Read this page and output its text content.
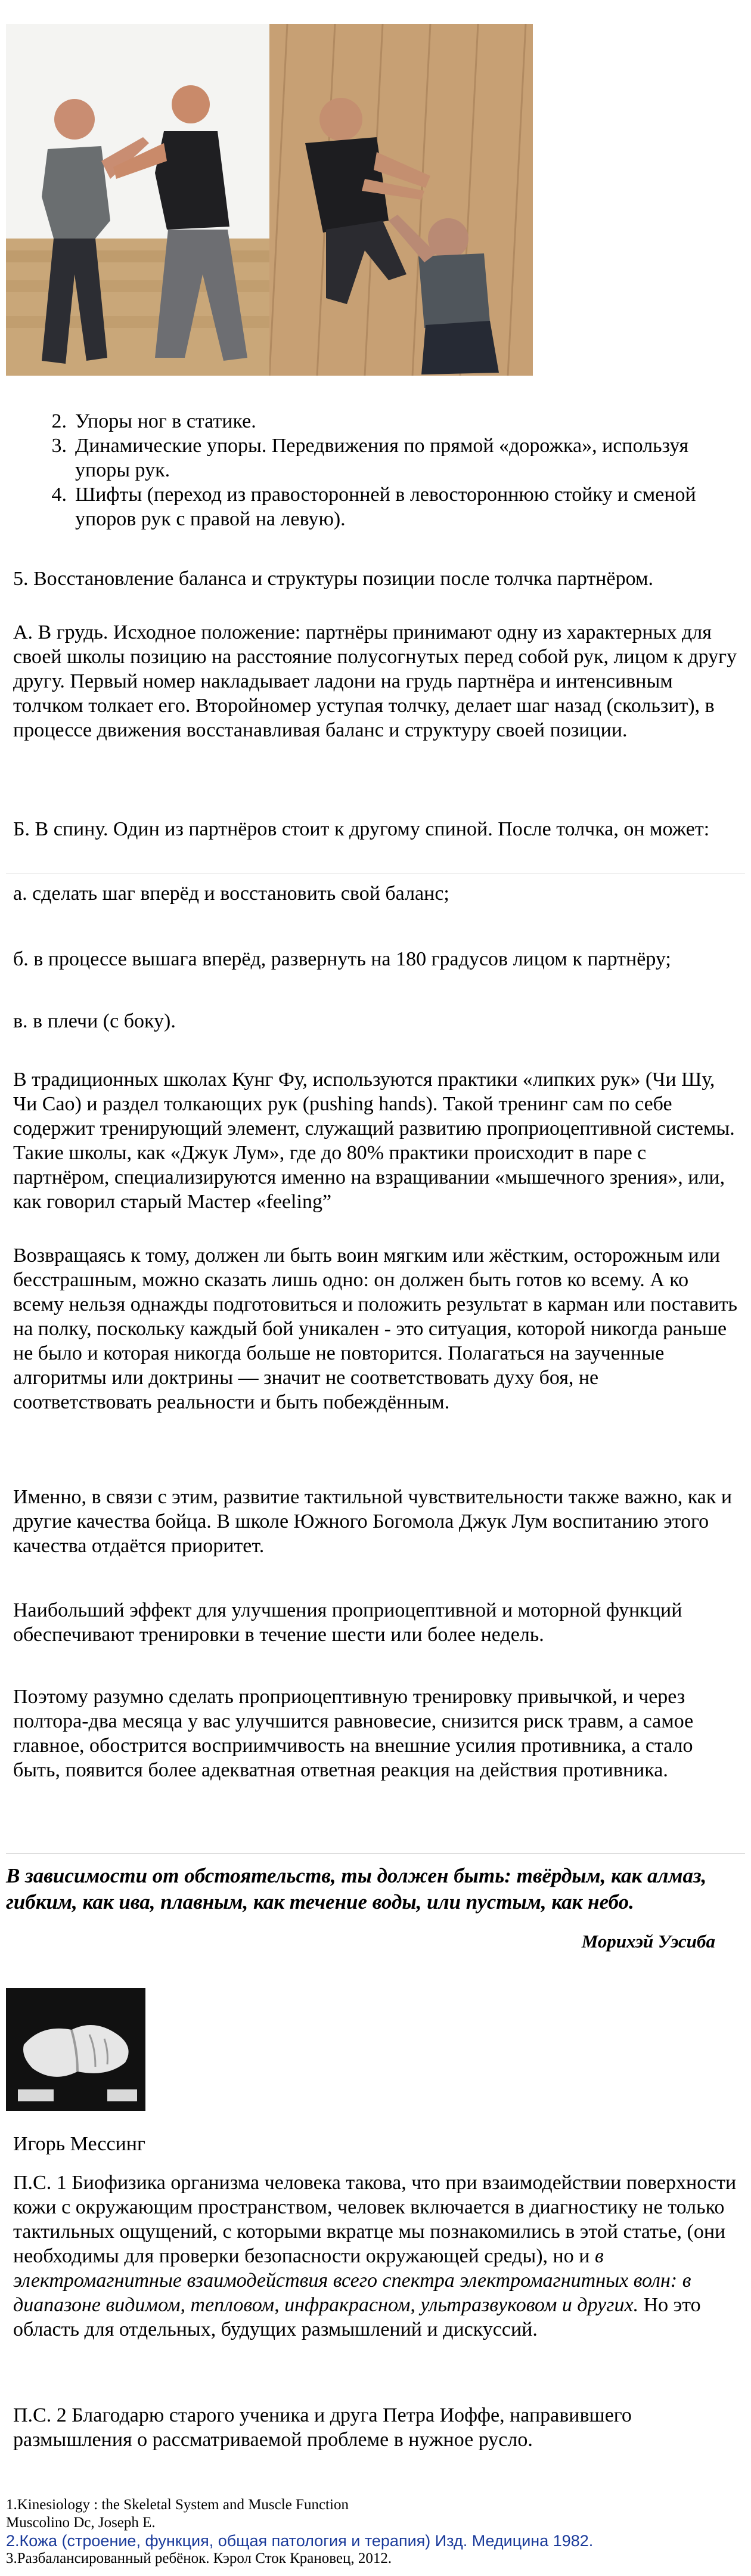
2. Упоры ног в статике.
3. Динамические упоры. Передвижения по прямой «дорожка», используя упоры рук.
4. Шифты (переход из правосторонней в левостороннюю стойку и сменой упоров рук с правой на левую).
5. Восстановление баланса и структуры позиции после толчка партнёром.
А. В грудь. Исходное положение: партнёры принимают одну из характерных для своей школы позицию на расстояние полусогнутых перед собой рук, лицом к другу другу. Первый номер накладывает ладони на грудь партнёра и интенсивным толчком толкает его. Второйномер уступая толчку, делает шаг назад (скользит), в процессе движения восстанавливая баланс и структуру своей позиции.
Б. В спину. Один из партнёров стоит к другому спиной. После толчка, он может:
а. сделать шаг вперёд и восстановить свой баланс;
б. в процессе вышага вперёд, развернуть на 180 градусов лицом к партнёру;
в. в плечи (с боку).
В традиционных школах Кунг Фу, используются практики «липких рук» (Чи Шу, Чи Сао) и раздел толкающих рук (pushing hands). Такой тренинг сам по себе содержит тренирующий элемент, служащий развитию проприоцептивной системы. Такие школы, как «Джук Лум», где до 80% практики происходит в паре с партнёром, специализируются именно на взращивании «мышечного зрения», или, как говорил старый Мастер «feeling”
Возвращаясь к тому, должен ли быть воин мягким или жёстким, осторожным или бесстрашным, можно сказать лишь одно: он должен быть готов ко всему. А ко всему нельзя однажды подготовиться и положить результат в карман или поставить на полку, поскольку каждый бой уникален - это ситуация, которой никогда раньше не было и которая никогда больше не повторится. Полагаться на заученные алгоритмы или доктрины — значит не соответствовать духу боя, не соответствовать реальности и быть побеждённым.
Именно, в связи с этим, развитие тактильной чувствительности также важно, как и другие качества бойца. В школе Южного Богомола Джук Лум воспитанию этого качества отдаётся приоритет.
Наибольший эффект для улучшения проприоцептивной и моторной функций обеспечивают тренировки в течение шести или более недель.
Поэтому разумно сделать проприоцептивную тренировку привычкой, и через полтора-два месяца у вас улучшится равновесие, снизится риск травм, а самое главное, обострится восприимчивость на внешние усилия противника, а стало быть, появится более адекватная ответная реакция на действия противника.
В зависимости от обстоятельств, ты должен быть: твёрдым, как алмаз, гибким, как ива, плавным, как течение воды, или пустым, как небо.
Морихэй Уэсиба
Игорь Мессинг
П.С. 1 Биофизика организма человека такова, что при взаимодействии поверхности кожи с окружающим пространством, человек включается в диагностику не только тактильных ощущений, с которыми вкратце мы познакомились в этой статье, (они необходимы для проверки безопасности окружающей среды), но и в электромагнитные взаимодействия всего спектра электромагнитных волн: в диапазоне видимом, тепловом, инфракрасном, ультразвуковом и других. Но это область для отдельных, будущих размышлений и дискуссий.
П.С. 2 Благодарю старого ученика и друга Петра Иоффе, направившего размышления о рассматриваемой проблеме в нужное русло.
1.Kinesiology : the Skeletal System and Muscle Function
Muscolino Dc, Joseph E.
2.Кожа (строение, функция, общая патология и терапия) Изд. Медицина 1982.
3.Разбалансированный ребёнок. Кэрол Сток Крановец, 2012.
